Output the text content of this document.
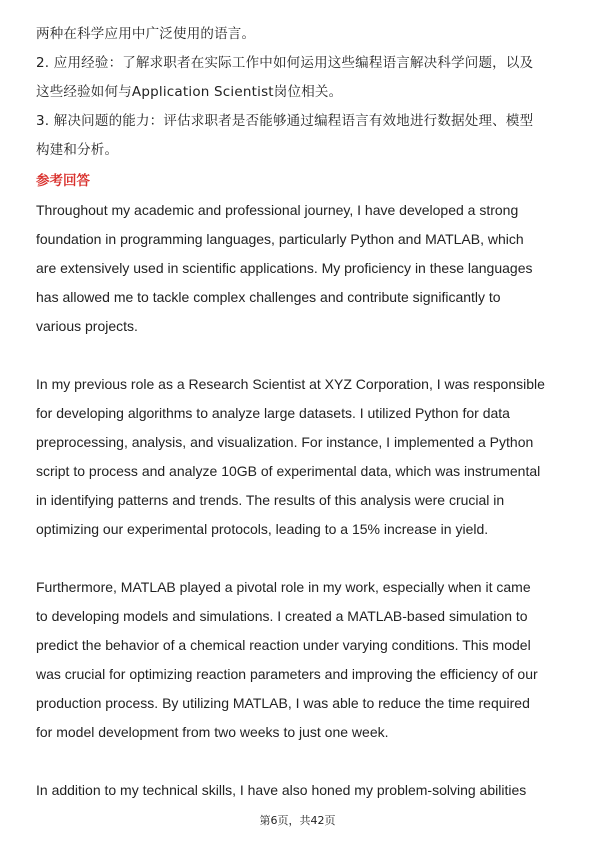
两种在科学应用中广泛使用的语言。
2. 应用经验：了解求职者在实际工作中如何运用这些编程语言解决科学问题，以及
这些经验如何与Application Scientist岗位相关。
3. 解决问题的能力：评估求职者是否能够通过编程语言有效地进行数据处理、模型
构建和分析。
参考回答
Throughout my academic and professional journey, I have developed a strong
foundation in programming languages, particularly Python and MATLAB, which
are extensively used in scientific applications. My proficiency in these languages
has allowed me to tackle complex challenges and contribute significantly to
various projects.
In my previous role as a Research Scientist at XYZ Corporation, I was responsible
for developing algorithms to analyze large datasets. I utilized Python for data
preprocessing, analysis, and visualization. For instance, I implemented a Python
script to process and analyze 10GB of experimental data, which was instrumental
in identifying patterns and trends. The results of this analysis were crucial in
optimizing our experimental protocols, leading to a 15% increase in yield.
Furthermore, MATLAB played a pivotal role in my work, especially when it came
to developing models and simulations. I created a MATLAB-based simulation to
predict the behavior of a chemical reaction under varying conditions. This model
was crucial for optimizing reaction parameters and improving the efficiency of our
production process. By utilizing MATLAB, I was able to reduce the time required
for model development from two weeks to just one week.
In addition to my technical skills, I have also honed my problem-solving abilities
第6页，共42页
